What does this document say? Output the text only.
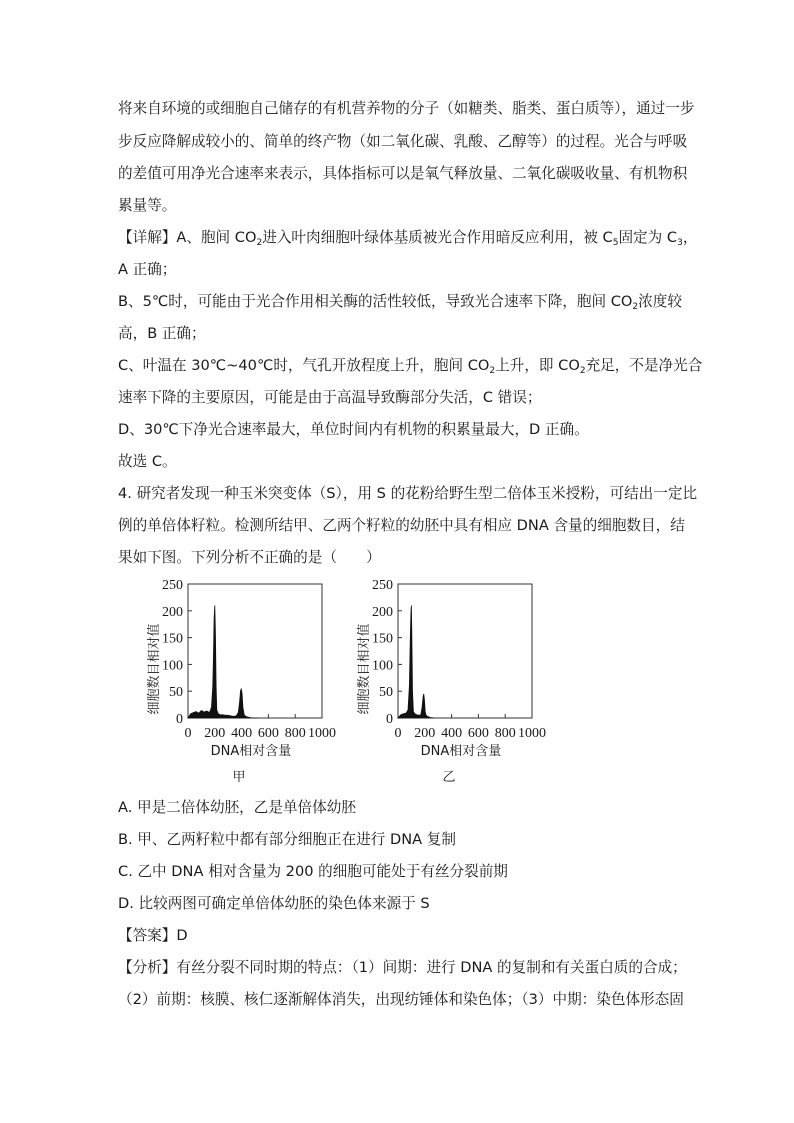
将来自环境的或细胞自己储存的有机营养物的分子（如糖类、脂类、蛋白质等），通过一步
步反应降解成较小的、简单的终产物（如二氧化碳、乳酸、乙醇等）的过程。光合与呼吸
的差值可用净光合速率来表示，具体指标可以是氧气释放量、二氧化碳吸收量、有机物积
累量等。
【详解】A、胞间 $CO_2$进入叶肉细胞叶绿体基质被光合作用暗反应利用，被 $C_5$固定为 $C_3$，
A 正确；
B、5℃时，可能由于光合作用相关酶的活性较低，导致光合速率下降，胞间 $CO_2$浓度较
高，B 正确；
C、叶温在 30℃~40℃时，气孔开放程度上升，胞间 $CO_2$上升，即 $CO_2$充足，不是净光合
速率下降的主要原因，可能是由于高温导致酶部分失活，C 错误；
D、30℃下净光合速率最大，单位时间内有机物的积累量最大，D 正确。
故选 C。
4. 研究者发现一种玉米突变体（S），用 S 的花粉给野生型二倍体玉米授粉，可结出一定比
例的单倍体籽粒。检测所结甲、乙两个籽粒的幼胚中具有相应 DNA 含量的细胞数目，结
果如下图。下列分析不正确的是（　　）
0
50
100
150
200
250
0 200 400 600 800 1000
细胞数目相对值
DNA相对含量
甲
0
50
100
150
200
250
0 200 400 600 800 1000
细胞数目相对值
DNA相对含量
乙
A. 甲是二倍体幼胚，乙是单倍体幼胚
B. 甲、乙两籽粒中都有部分细胞正在进行 DNA 复制
C. 乙中 DNA 相对含量为 200 的细胞可能处于有丝分裂前期
D. 比较两图可确定单倍体幼胚的染色体来源于 S
【答案】D
【分析】有丝分裂不同时期的特点：（1）间期：进行 DNA 的复制和有关蛋白质的合成；
（2）前期：核膜、核仁逐渐解体消失，出现纺锤体和染色体；（3）中期：染色体形态固
